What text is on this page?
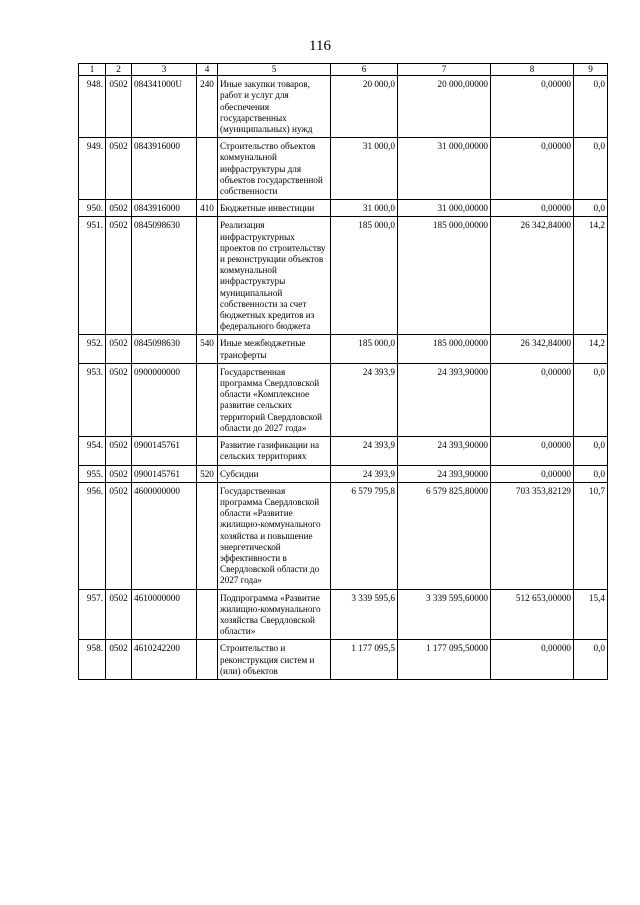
116
1	2	3	4	5	6	7	8	9
948.	0502	084341000U	240	Иные закупки товаров, работ и услуг для обеспечения государственных (муниципальных) нужд	20 000,0	20 000,00000	0,00000	0,0
949.	0502	0843916000		Строительство объектов коммунальной инфраструктуры для объектов государственной собственности	31 000,0	31 000,00000	0,00000	0,0
950.	0502	0843916000	410	Бюджетные инвестиции	31 000,0	31 000,00000	0,00000	0,0
951.	0502	0845098630		Реализация инфраструктурных проектов по строительству и реконструкции объектов коммунальной инфраструктуры муниципальной собственности за счет бюджетных кредитов из федерального бюджета	185 000,0	185 000,00000	26 342,84000	14,2
952.	0502	0845098630	540	Иные межбюджетные трансферты	185 000,0	185 000,00000	26 342,84000	14,2
953.	0502	0900000000		Государственная программа Свердловской области «Комплексное развитие сельских территорий Свердловской области до 2027 года»	24 393,9	24 393,90000	0,00000	0,0
954.	0502	0900145761		Развитие газификации на сельских территориях	24 393,9	24 393,90000	0,00000	0,0
955.	0502	0900145761	520	Субсидии	24 393,9	24 393,90000	0,00000	0,0
956.	0502	4600000000		Государственная программа Свердловской области «Развитие жилищно-коммунального хозяйства и повышение энергетической эффективности в Свердловской области до 2027 года»	6 579 795,8	6 579 825,80000	703 353,82129	10,7
957.	0502	4610000000		Подпрограмма «Развитие жилищно-коммунального хозяйства Свердловской области»	3 339 595,6	3 339 595,60000	512 653,00000	15,4
958.	0502	4610242200		Строительство и реконструкция систем и (или) объектов	1 177 095,5	1 177 095,50000	0,00000	0,0
